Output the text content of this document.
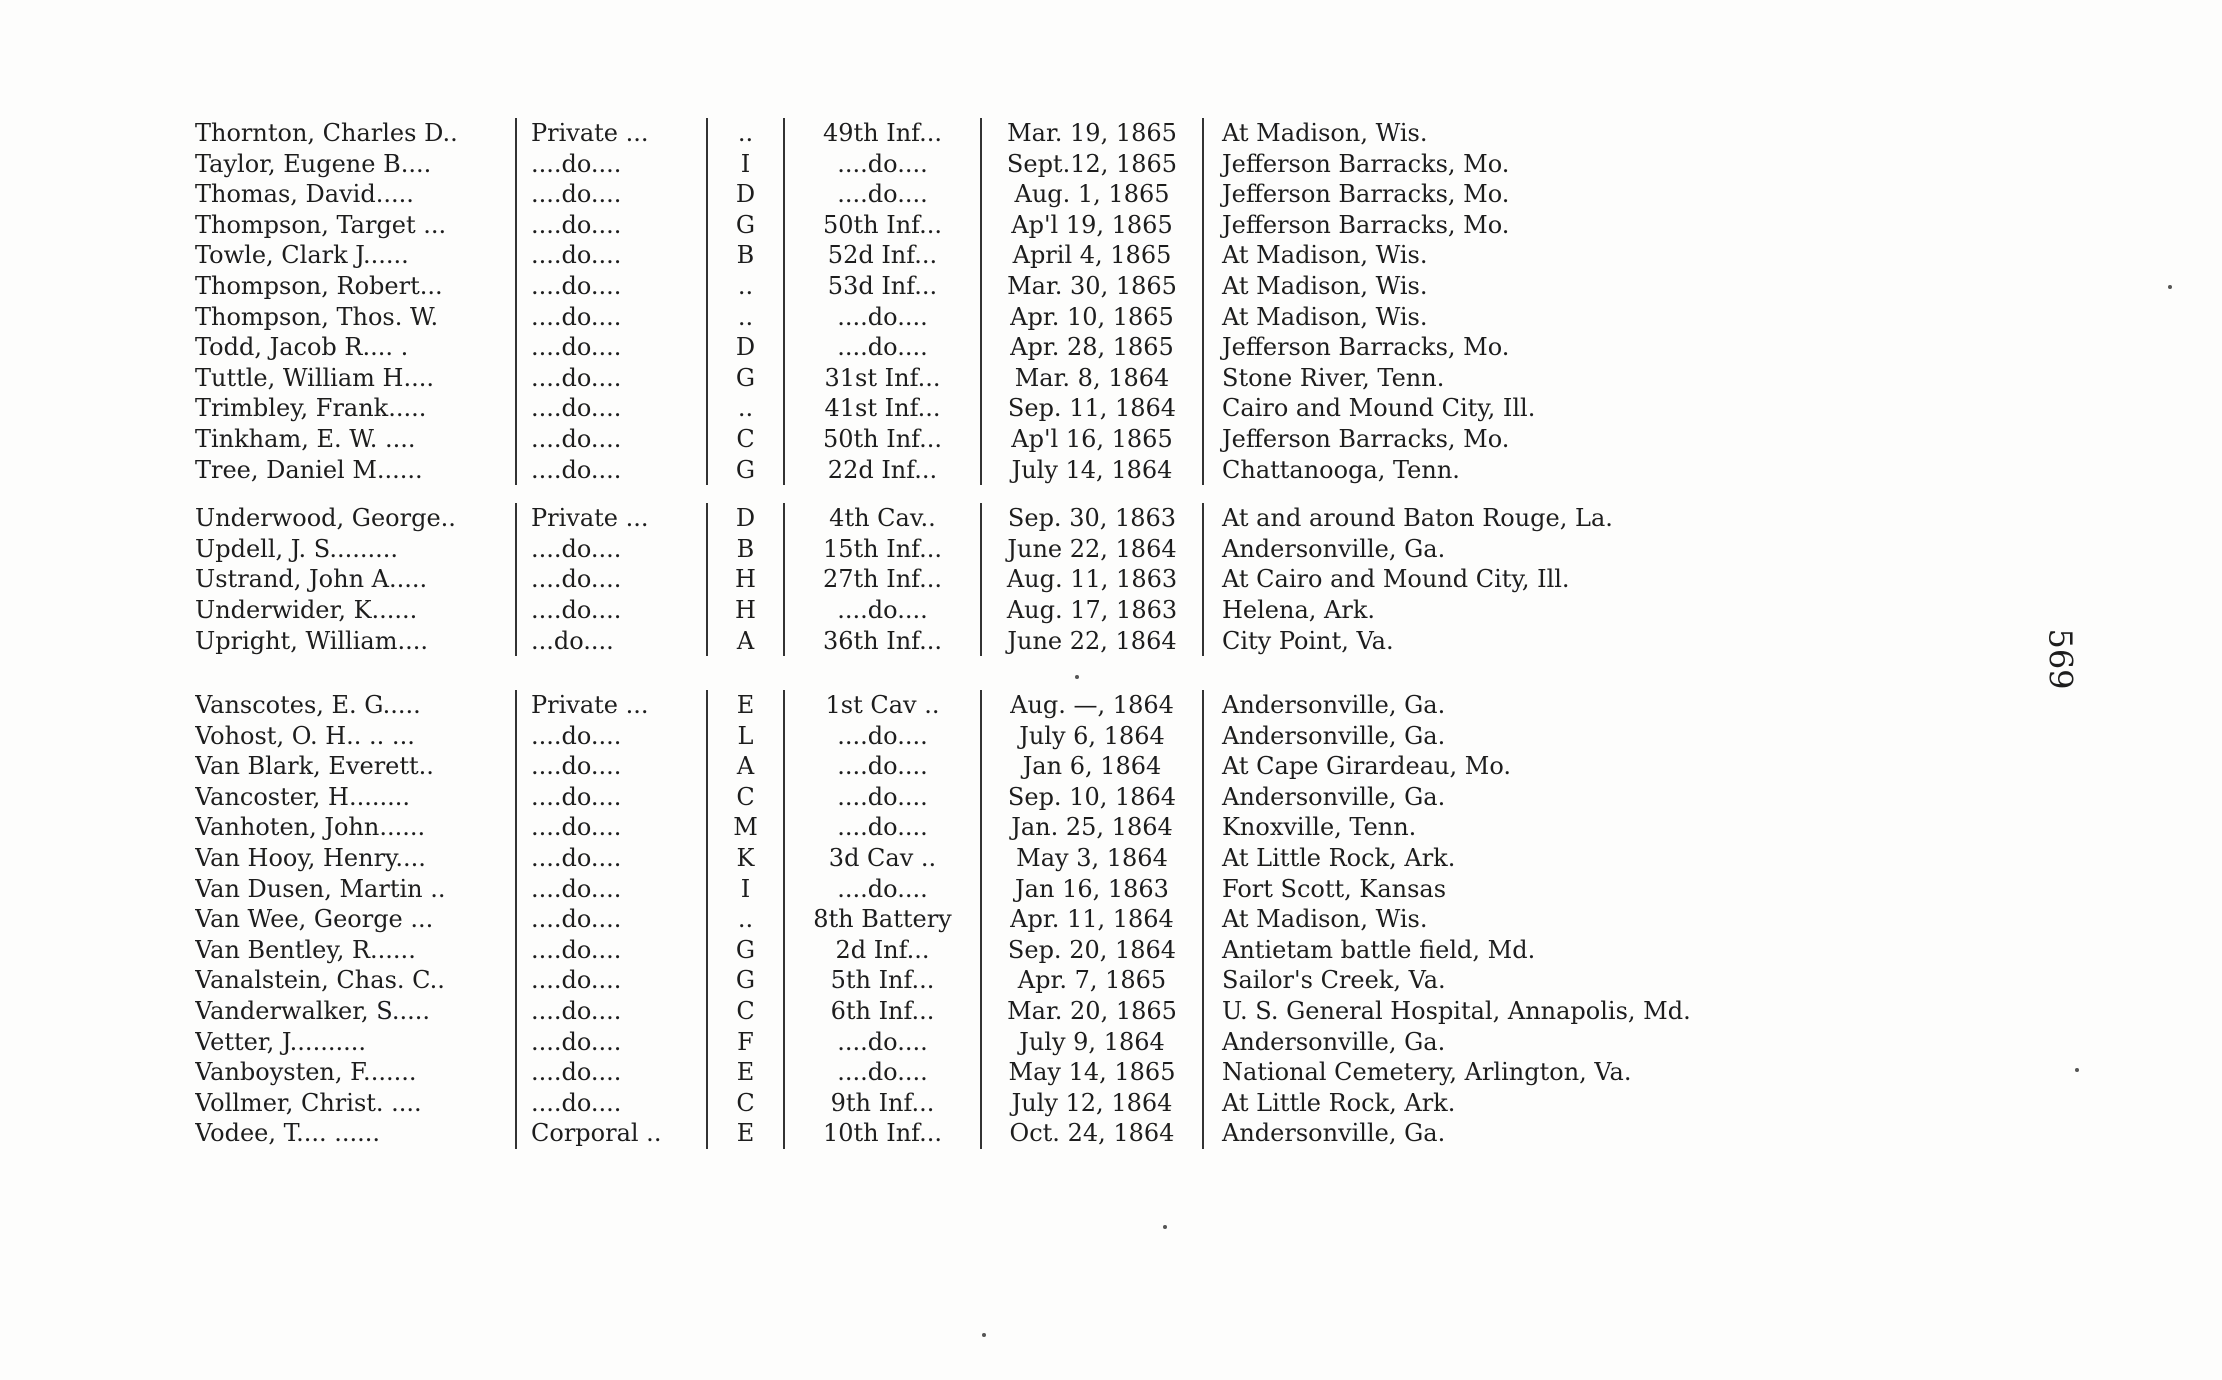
Thornton, Charles D..	Private ...	..	49th Inf...	Mar. 19, 1865	At Madison, Wis.
Taylor, Eugene B....	....do....	I	....do....	Sept.12, 1865	Jefferson Barracks, Mo.
Thomas, David.....	....do....	D	....do....	Aug. 1, 1865	Jefferson Barracks, Mo.
Thompson, Target ...	....do....	G	50th Inf...	Ap'l 19, 1865	Jefferson Barracks, Mo.
Towle, Clark J......	....do....	B	52d Inf...	April 4, 1865	At Madison, Wis.
Thompson, Robert...	....do....	..	53d Inf...	Mar. 30, 1865	At Madison, Wis.
Thompson, Thos. W.	....do....	..	....do....	Apr. 10, 1865	At Madison, Wis.
Todd, Jacob R.... .	....do....	D	....do....	Apr. 28, 1865	Jefferson Barracks, Mo.
Tuttle, William H....	....do....	G	31st Inf...	Mar. 8, 1864	Stone River, Tenn.
Trimbley, Frank.....	....do....	..	41st Inf...	Sep. 11, 1864	Cairo and Mound City, Ill.
Tinkham, E. W. ....	....do....	C	50th Inf...	Ap'l 16, 1865	Jefferson Barracks, Mo.
Tree, Daniel M......	....do....	G	22d Inf...	July 14, 1864	Chattanooga, Tenn.
Underwood, George..	Private ...	D	4th Cav..	Sep. 30, 1863	At and around Baton Rouge, La.
Updell, J. S.........	....do....	B	15th Inf...	June 22, 1864	Andersonville, Ga.
Ustrand, John A.....	....do....	H	27th Inf...	Aug. 11, 1863	At Cairo and Mound City, Ill.
Underwider, K......	....do....	H	....do....	Aug. 17, 1863	Helena, Ark.
Upright, William....	...do....	A	36th Inf...	June 22, 1864	City Point, Va.
Vanscotes, E. G.....	Private ...	E	1st Cav ..	Aug. —, 1864	Andersonville, Ga.
Vohost, O. H.. .. ...	....do....	L	....do....	July 6, 1864	Andersonville, Ga.
Van Blark, Everett..	....do....	A	....do....	Jan 6, 1864	At Cape Girardeau, Mo.
Vancoster, H........	....do....	C	....do....	Sep. 10, 1864	Andersonville, Ga.
Vanhoten, John......	....do....	M	....do....	Jan. 25, 1864	Knoxville, Tenn.
Van Hooy, Henry....	....do....	K	3d Cav ..	May 3, 1864	At Little Rock, Ark.
Van Dusen, Martin ..	....do....	I	....do....	Jan 16, 1863	Fort Scott, Kansas
Van Wee, George ...	....do....	..	8th Battery	Apr. 11, 1864	At Madison, Wis.
Van Bentley, R......	....do....	G	2d Inf...	Sep. 20, 1864	Antietam battle field, Md.
Vanalstein, Chas. C..	....do....	G	5th Inf...	Apr. 7, 1865	Sailor's Creek, Va.
Vanderwalker, S.....	....do....	C	6th Inf...	Mar. 20, 1865	U. S. General Hospital, Annapolis, Md.
Vetter, J..........	....do....	F	....do....	July 9, 1864	Andersonville, Ga.
Vanboysten, F.......	....do....	E	....do....	May 14, 1865	National Cemetery, Arlington, Va.
Vollmer, Christ. ....	....do....	C	9th Inf...	July 12, 1864	At Little Rock, Ark.
Vodee, T.... ......	Corporal ..	E	10th Inf...	Oct. 24, 1864	Andersonville, Ga.
569
